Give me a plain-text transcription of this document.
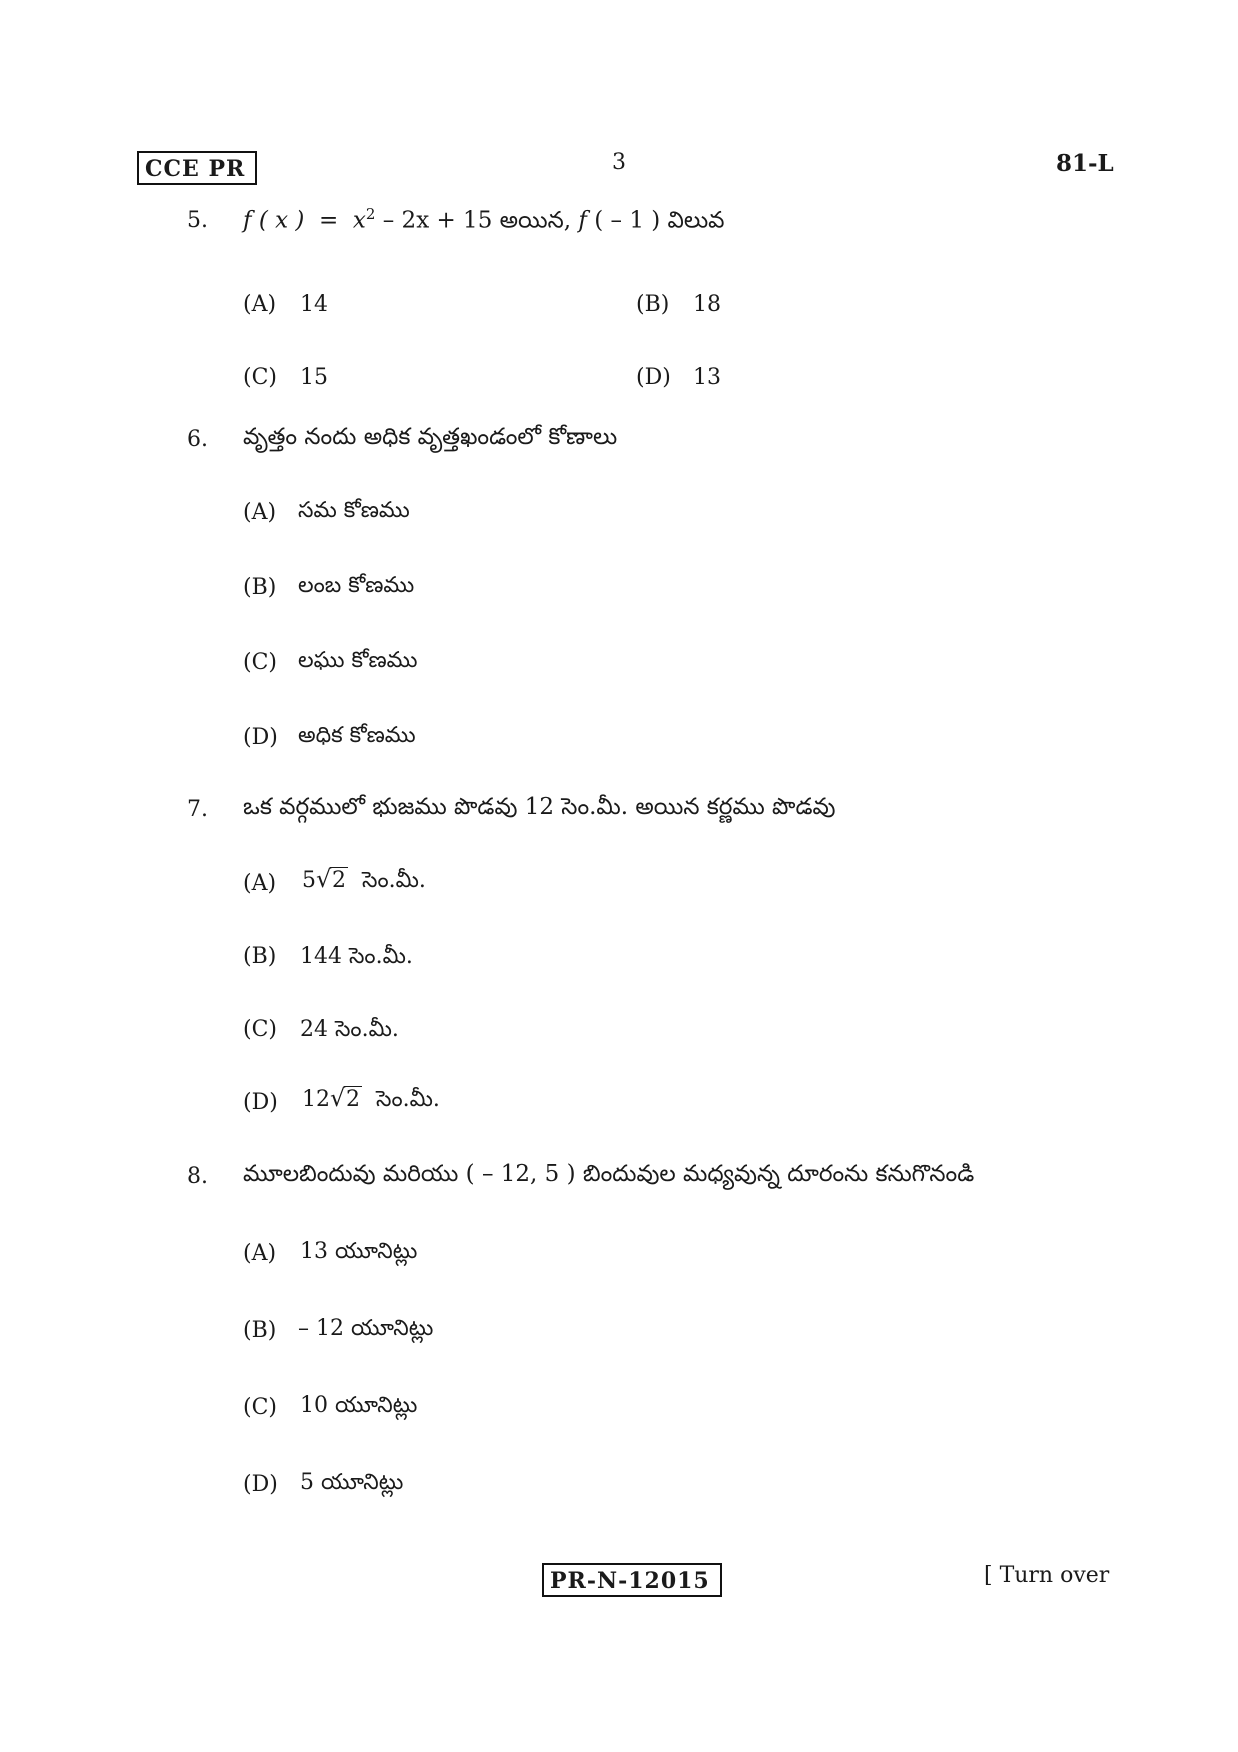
CCE PR	3	81-L
5. f ( x ) = $x^2 - 2x + 15$ అయిన, f ( – 1 ) విలువ
(A) 14	(B) 18
(C) 15	(D) 13
6. వృత్తం నందు అధిక వృత్తఖండంలో కోణాలు
(A) సమ కోణము
(B) లంబ కోణము
(C) లఘు కోణము
(D) అధిక కోణము
7. ఒక వర్గములో భుజము పొడవు 12 సెం.మీ. అయిన కర్ణము పొడవు
(A) 5 √ 2 సెం.మీ.
(B) 144 సెం.మీ.
(C) 24 సెం.మీ.
(D) 12 √ 2 సెం.మీ.
8. మూలబిందువు మరియు ( – 12, 5 ) బిందువుల మధ్యవున్న దూరంను కనుగొనండి
(A) 13 యూనిట్లు
(B) – 12 యూనిట్లు
(C) 10 యూనిట్లు
(D) 5 యూనిట్లు
PR-N-12015	[ Turn over
